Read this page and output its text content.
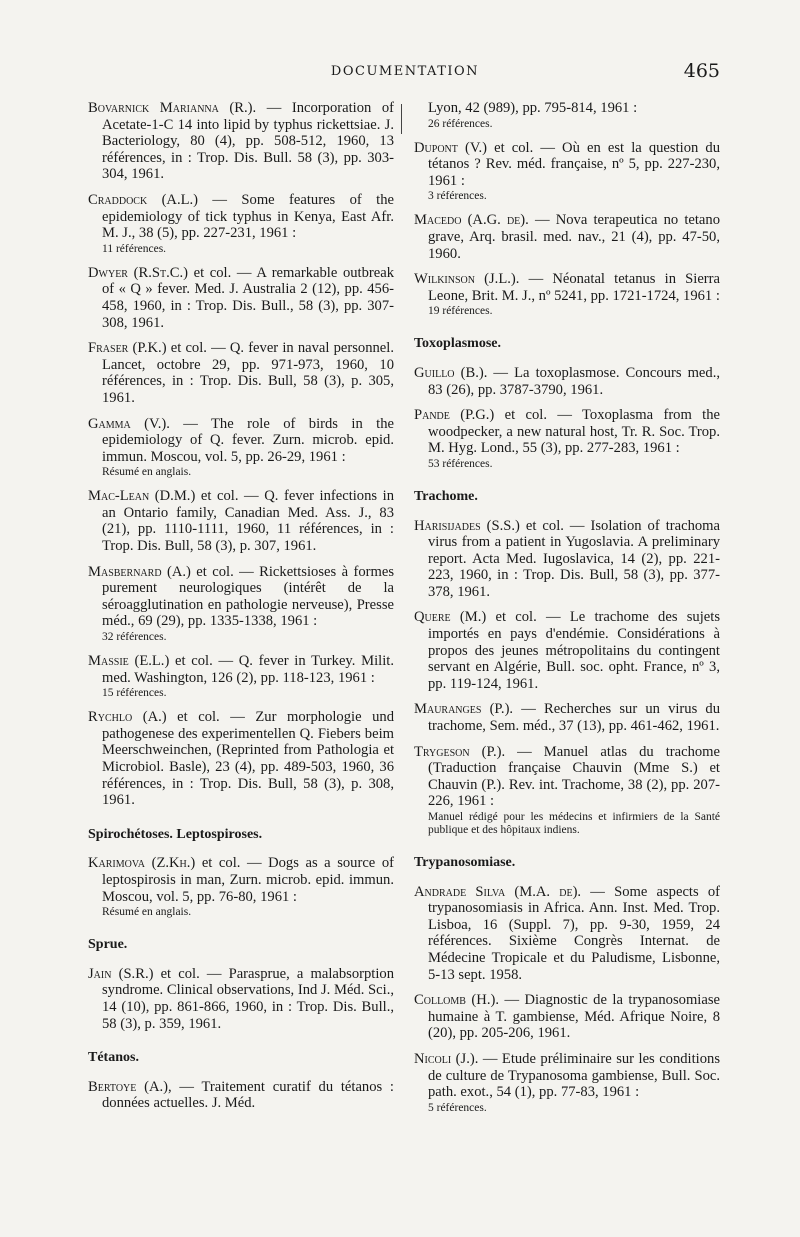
DOCUMENTATION	465

Bovarnick Marianna (R.). — Incorporation of Acetate-1-C 14 into lipid by typhus rickettsiae. J. Bacteriology, 80 (4), pp. 508-512, 1960, 13 références, in : Trop. Dis. Bull. 58 (3), pp. 303-304, 1961.

Craddock (A.L.) — Some features of the epidemiology of tick typhus in Kenya, East Afr. M. J., 38 (5), pp. 227-231, 1961 :
11 références.

Dwyer (R.St.C.) et col. — A remarkable outbreak of « Q » fever. Med. J. Australia 2 (12), pp. 456-458, 1960, in : Trop. Dis. Bull., 58 (3), pp. 307-308, 1961.

Fraser (P.K.) et col. — Q. fever in naval personnel. Lancet, octobre 29, pp. 971-973, 1960, 10 références, in : Trop. Dis. Bull, 58 (3), p. 305, 1961.

Gamma (V.). — The role of birds in the epidemiology of Q. fever. Zurn. microb. epid. immun. Moscou, vol. 5, pp. 26-29, 1961 :
Résumé en anglais.

Mac-Lean (D.M.) et col. — Q. fever infections in an Ontario family, Canadian Med. Ass. J., 83 (21), pp. 1110-1111, 1960, 11 références, in : Trop. Dis. Bull, 58 (3), p. 307, 1961.

Masbernard (A.) et col. — Rickettsioses à formes purement neurologiques (intérêt de la séroagglutination en pathologie nerveuse), Presse méd., 69 (29), pp. 1335-1338, 1961 :
32 références.

Massie (E.L.) et col. — Q. fever in Turkey. Milit. med. Washington, 126 (2), pp. 118-123, 1961 :
15 références.

Rychlo (A.) et col. — Zur morphologie und pathogenese des experimentellen Q. Fiebers beim Meerschweinchen, (Reprinted from Pathologia et Microbiol. Basle), 23 (4), pp. 489-503, 1960, 36 références, in : Trop. Dis. Bull, 58 (3), p. 308, 1961.

Spirochétoses. Leptospiroses.

Karimova (Z.Kh.) et col. — Dogs as a source of leptospirosis in man, Zurn. microb. epid. immun. Moscou, vol. 5, pp. 76-80, 1961 :
Résumé en anglais.

Sprue.

Jain (S.R.) et col. — Parasprue, a malabsorption syndrome. Clinical observations, Ind J. Méd. Sci., 14 (10), pp. 861-866, 1960, in : Trop. Dis. Bull., 58 (3), p. 359, 1961.

Tétanos.

Bertoye (A.), — Traitement curatif du tétanos : données actuelles. J. Méd.

Lyon, 42 (989), pp. 795-814, 1961 :
26 références.

Dupont (V.) et col. — Où en est la question du tétanos ? Rev. méd. française, nº 5, pp. 227-230, 1961 :
3 références.

Macedo (A.G. de). — Nova terapeutica no tetano grave, Arq. brasil. med. nav., 21 (4), pp. 47-50, 1960.

Wilkinson (J.L.). — Néonatal tetanus in Sierra Leone, Brit. M. J., nº 5241, pp. 1721-1724, 1961 :
19 références.

Toxoplasmose.

Guillo (B.). — La toxoplasmose. Concours med., 83 (26), pp. 3787-3790, 1961.

Pande (P.G.) et col. — Toxoplasma from the woodpecker, a new natural host, Tr. R. Soc. Trop. M. Hyg. Lond., 55 (3), pp. 277-283, 1961 :
53 références.

Trachome.

Harisijades (S.S.) et col. — Isolation of trachoma virus from a patient in Yugoslavia. A preliminary report. Acta Med. Iugoslavica, 14 (2), pp. 221-223, 1960, in : Trop. Dis. Bull, 58 (3), pp. 377-378, 1961.

Quere (M.) et col. — Le trachome des sujets importés en pays d'endémie. Considérations à propos des jeunes métropolitains du contingent servant en Algérie, Bull. soc. opht. France, nº 3, pp. 119-124, 1961.

Mauranges (P.). — Recherches sur un virus du trachome, Sem. méd., 37 (13), pp. 461-462, 1961.

Trygeson (P.). — Manuel atlas du trachome (Traduction française Chauvin (Mme S.) et Chauvin (P.). Rev. int. Trachome, 38 (2), pp. 207-226, 1961 :
Manuel rédigé pour les médecins et infirmiers de la Santé publique et des hôpitaux indiens.

Trypanosomiase.

Andrade Silva (M.A. de). — Some aspects of trypanosomiasis in Africa. Ann. Inst. Med. Trop. Lisboa, 16 (Suppl. 7), pp. 9-30, 1959, 24 références. Sixième Congrès Internat. de Médecine Tropicale et du Paludisme, Lisbonne, 5-13 sept. 1958.

Collomb (H.). — Diagnostic de la trypanosomiase humaine à T. gambiense, Méd. Afrique Noire, 8 (20), pp. 205-206, 1961.

Nicoli (J.). — Etude préliminaire sur les conditions de culture de Trypanosoma gambiense, Bull. Soc. path. exot., 54 (1), pp. 77-83, 1961 :
5 références.
